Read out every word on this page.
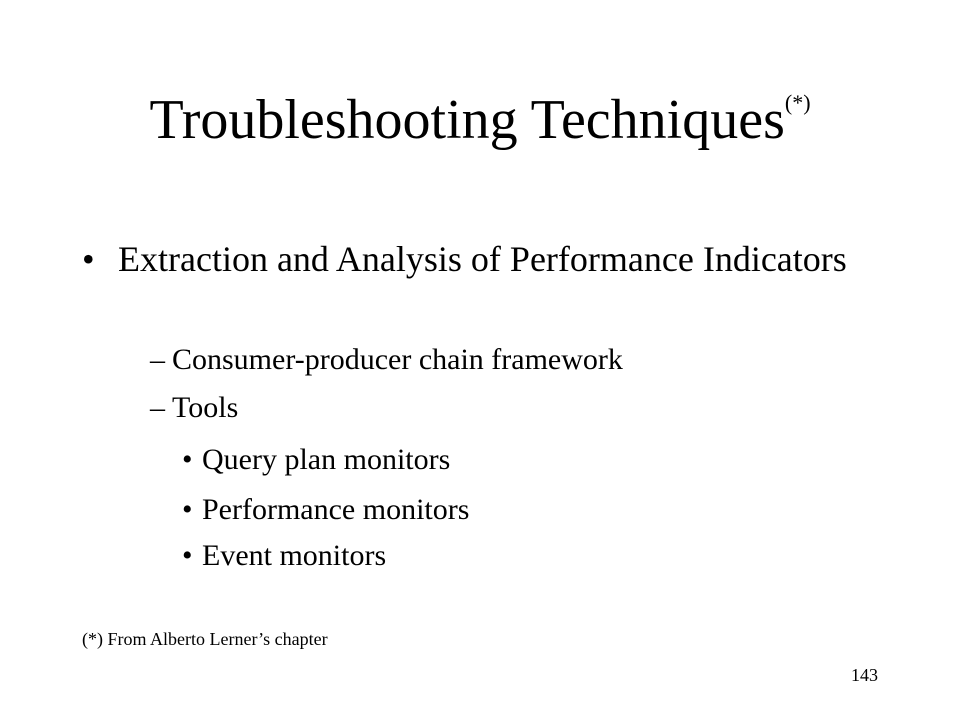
Troubleshooting Techniques(*)
• Extraction and Analysis of Performance Indicators
– Consumer-producer chain framework
– Tools
• Query plan monitors
• Performance monitors
• Event monitors
(*) From Alberto Lerner’s chapter
143
